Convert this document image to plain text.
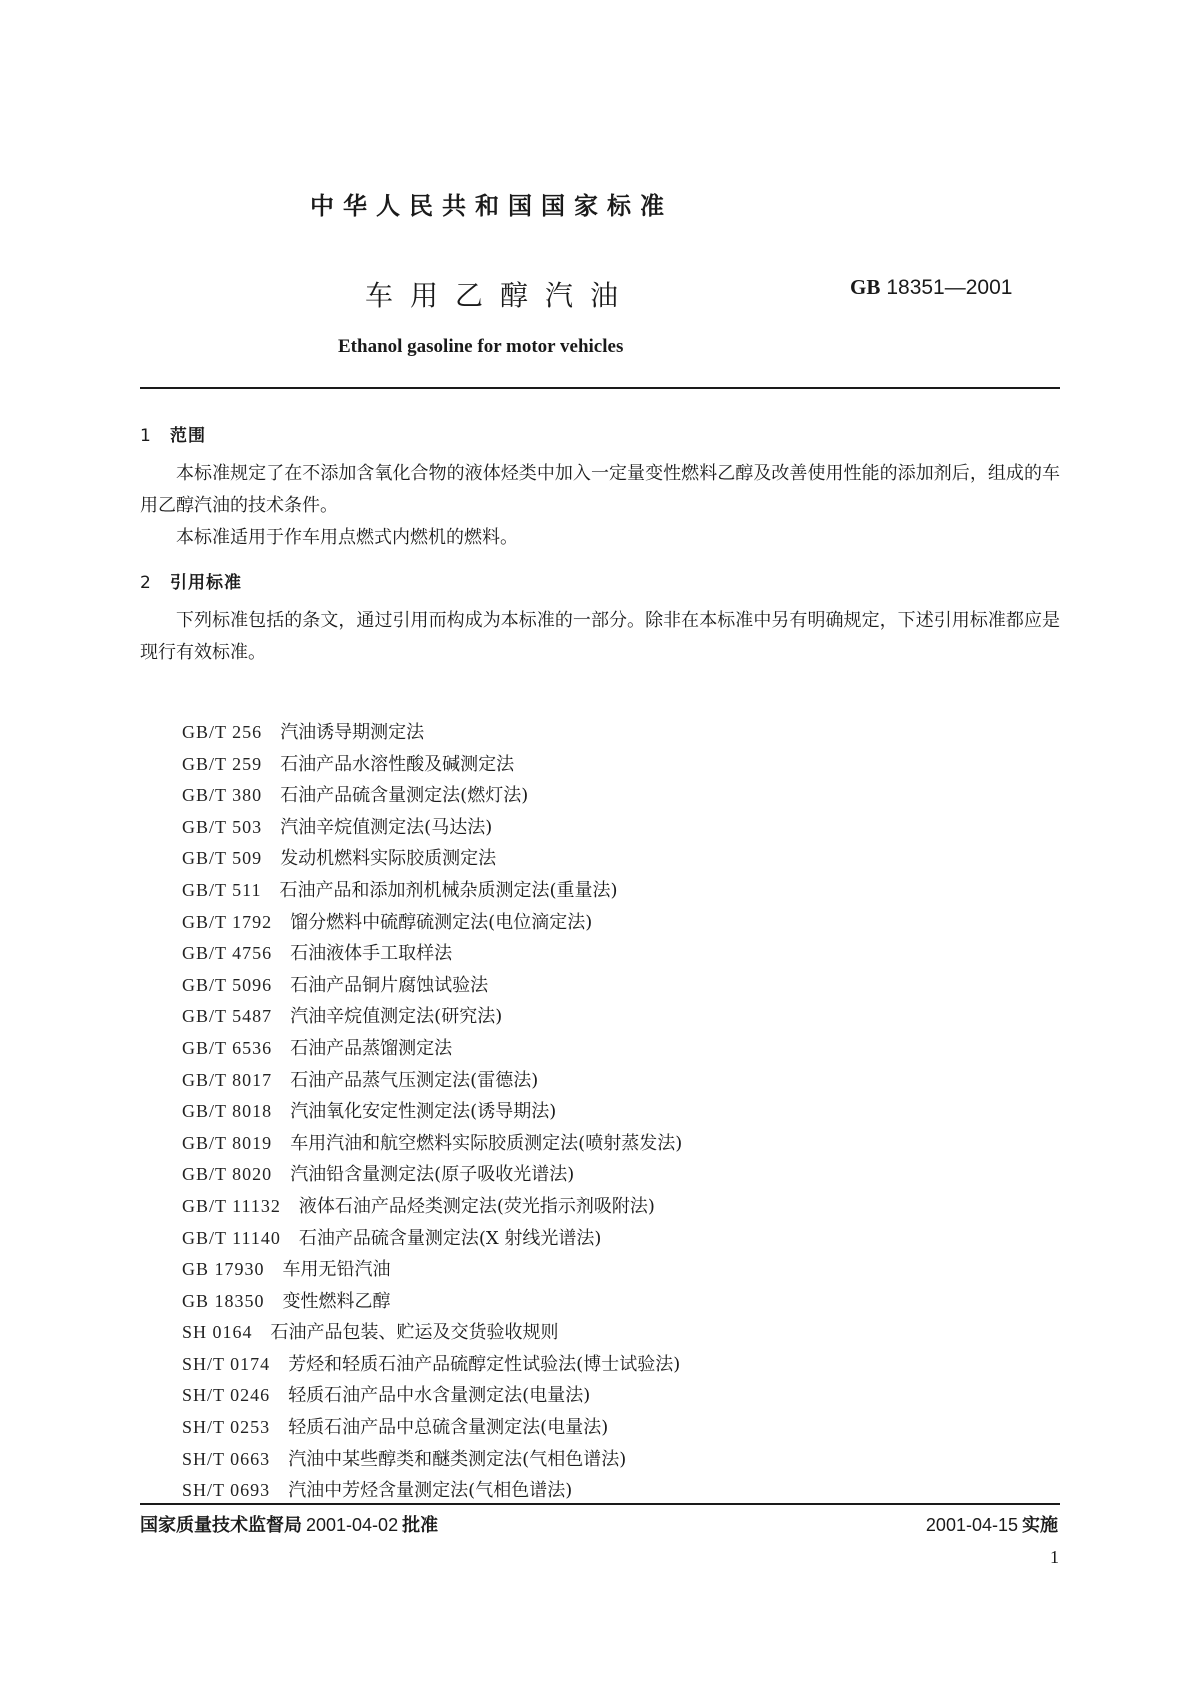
中华人民共和国国家标准
车用乙醇汽油	GB 18351—2001
Ethanol gasoline for motor vehicles
1 范围

本标准规定了在不添加含氧化合物的液体烃类中加入一定量变性燃料乙醇及改善使用性能的添加剂后，组成的车用乙醇汽油的技术条件。

本标准适用于作车用点燃式内燃机的燃料。

2 引用标准

下列标准包括的条文，通过引用而构成为本标准的一部分。除非在本标准中另有明确规定，下述引用标准都应是现行有效标准。

GB/T 256 汽油诱导期测定法
GB/T 259 石油产品水溶性酸及碱测定法
GB/T 380 石油产品硫含量测定法(燃灯法)
GB/T 503 汽油辛烷值测定法(马达法)
GB/T 509 发动机燃料实际胶质测定法
GB/T 511 石油产品和添加剂机械杂质测定法(重量法)
GB/T 1792 馏分燃料中硫醇硫测定法(电位滴定法)
GB/T 4756 石油液体手工取样法
GB/T 5096 石油产品铜片腐蚀试验法
GB/T 5487 汽油辛烷值测定法(研究法)
GB/T 6536 石油产品蒸馏测定法
GB/T 8017 石油产品蒸气压测定法(雷德法)
GB/T 8018 汽油氧化安定性测定法(诱导期法)
GB/T 8019 车用汽油和航空燃料实际胶质测定法(喷射蒸发法)
GB/T 8020 汽油铅含量测定法(原子吸收光谱法)
GB/T 11132 液体石油产品烃类测定法(荧光指示剂吸附法)
GB/T 11140 石油产品硫含量测定法(X 射线光谱法)
GB 17930 车用无铅汽油
GB 18350 变性燃料乙醇
SH 0164 石油产品包装、贮运及交货验收规则
SH/T 0174 芳烃和轻质石油产品硫醇定性试验法(博士试验法)
SH/T 0246 轻质石油产品中水含量测定法(电量法)
SH/T 0253 轻质石油产品中总硫含量测定法(电量法)
SH/T 0663 汽油中某些醇类和醚类测定法(气相色谱法)
SH/T 0693 汽油中芳烃含量测定法(气相色谱法)
国家质量技术监督局 2001-04-02 批准	2001-04-15 实施
1
